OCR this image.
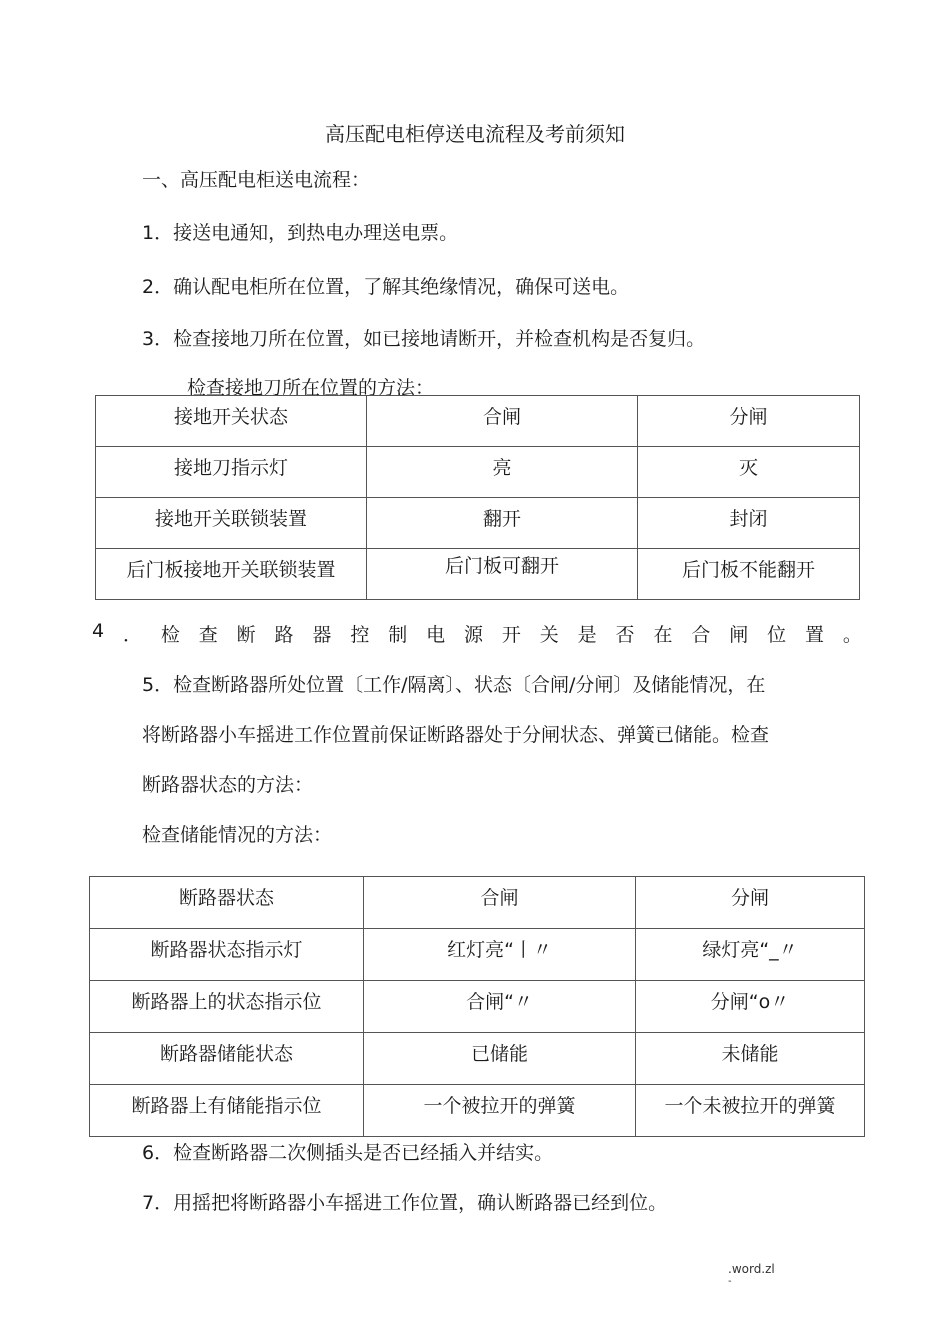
高压配电柜停送电流程及考前须知
一、高压配电柜送电流程：
1．接送电通知，到热电办理送电票。
2．确认配电柜所在位置，了解其绝缘情况，确保可送电。
3．检查接地刀所在位置，如已接地请断开，并检查机构是否复归。
检查接地刀所在位置的方法：
接地开关状态	合闸	分闸
接地刀指示灯	亮	灭
接地开关联锁装置	翻开	封闭
后门板接地开关联锁装置	后门板可翻开	后门板不能翻开
4 ． 检 查 断 路 器 控 制 电 源 开 关 是 否 在 合 闸 位 置 。
5．检查断路器所处位置〔工作/隔离〕、状态〔合闸/分闸〕及储能情况，在
将断路器小车摇进工作位置前保证断路器处于分闸状态、弹簧已储能。检查
断路器状态的方法：
检查储能情况的方法：
断路器状态	合闸	分闸
断路器状态指示灯	红灯亮“丨〃	绿灯亮“_〃
断路器上的状态指示位	合闸“〃	分闸“o〃
断路器储能状态	已储能	未储能
断路器上有储能指示位	一个被拉开的弹簧	一个未被拉开的弹簧
6．检查断路器二次侧插头是否已经插入并结实。
7．用摇把将断路器小车摇进工作位置，确认断路器已经到位。
.word.zl
-
